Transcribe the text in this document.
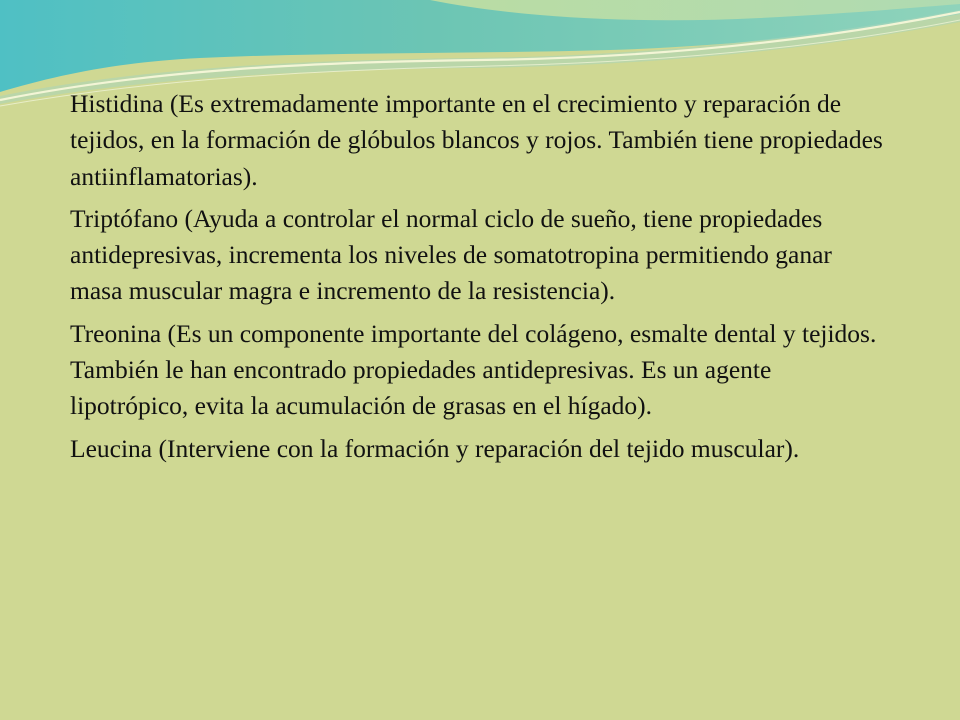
Histidina (Es extremadamente importante en el crecimiento y reparación de tejidos, en la formación de glóbulos blancos y rojos. También tiene propiedades antiinflamatorias).

Triptófano (Ayuda a controlar el normal ciclo de sueño, tiene propiedades antidepresivas, incrementa los niveles de somatotropina permitiendo ganar masa muscular magra e incremento de la resistencia).

Treonina (Es un componente importante del colágeno, esmalte dental y tejidos. También le han encontrado propiedades antidepresivas. Es un agente lipotrópico, evita la acumulación de grasas en el hígado).

Leucina (Interviene con la formación y reparación del tejido muscular).
